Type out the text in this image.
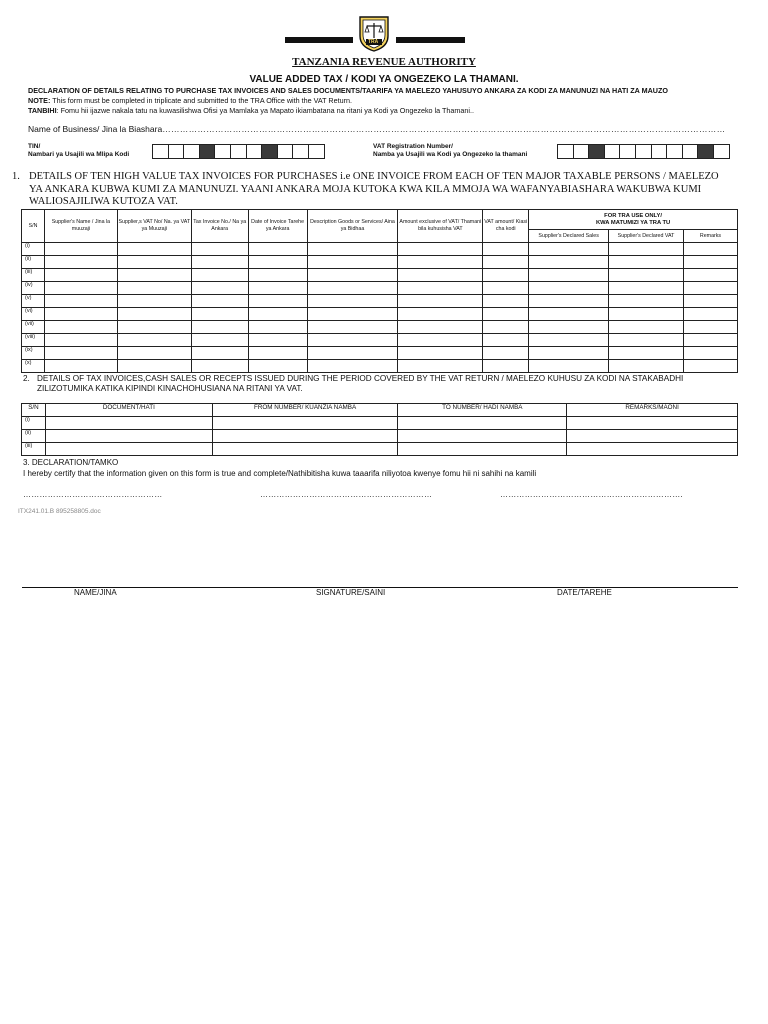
TRA
TANZANIA REVENUE AUTHORITY
VALUE ADDED TAX / KODI YA ONGEZEKO LA THAMANI.
DECLARATION OF DETAILS RELATING TO PURCHASE TAX INVOICES AND SALES DOCUMENTS/TAARIFA YA MAELEZO YAHUSUYO ANKARA ZA KODI ZA MANUNUZI NA HATI ZA MAUZO
NOTE: This form must be completed in triplicate and submitted to the TRA Office with the VAT Return.
TANBIHI: Fomu hii ijazwe nakala tatu na kuwasilishwa Ofisi ya Mamlaka ya Mapato ikiambatana na ritani ya Kodi ya Ongezeko la Thamani..
Name of Business/ Jina la Biashara…………………………………………………………………………………………………………………………………………………………………………
TIN/
Nambari ya Usajili wa Mlipa Kodi
VAT Registration Number/
Namba ya Usajili wa Kodi ya Ongezeko la thamani
1. DETAILS OF TEN HIGH VALUE TAX INVOICES FOR PURCHASES i.e ONE INVOICE FROM EACH OF TEN MAJOR TAXABLE PERSONS / MAELEZO YA ANKARA KUBWA KUMI ZA MANUNUZI. YAANI ANKARA MOJA KUTOKA KWA KILA MMOJA WA WAFANYABIASHARA WAKUBWA KUMI WALIOSAJILIWA KUTOZA VAT.
S/N	Supplier's Name / Jina la muuzaji	Supplier,s VAT No/ Na. ya VAT ya Muuzaji	Tax Invoice No./ Na ya Ankara	Date of Invoice Tarehe ya Ankara	Description Goods or Services/ Aina ya Bidhaa	Amount exclusive of VAT/ Thamani bila kuhusisha VAT	VAT amount/ Kiasi cha kodi	FOR TRA USE ONLY/
KWA MATUMIZI YA TRA TU		

								Supplier's Declared Sales	Supplier's Declared VAT	Remarks
(i)										
(ii)										
(iii)										
(iv)										
(v)										
(vi)										
(vii)										
(viii)										
(ix)										
(x)										
2. DETAILS OF TAX INVOICES,CASH SALES OR RECEPTS ISSUED DURING THE PERIOD COVERED BY THE VAT RETURN / MAELEZO KUHUSU ZA KODI NA STAKABADHI ZILIZOTUMIKA KATIKA KIPINDI KINACHOHUSIANA NA RITANI YA VAT.
S/N	DOCUMENT/HATI	FROM NUMBER/ KUANZIA NAMBA	TO NUMBER/ HADI NAMBA	REMARKS/MAONI
(i)				
(ii)				
(iii)				
3. DECLARATION/TAMKO
I hereby certify that the information given on this form is true and complete/Nathibitisha kuwa taaarifa niliyotoa kwenye fomu hii ni sahihi na kamili
……………………………………………	………………………………………………………	………………………………………………………….
ITX241.01.B 895258805.doc
NAME/JINA	SIGNATURE/SAINI	DATE/TAREHE
